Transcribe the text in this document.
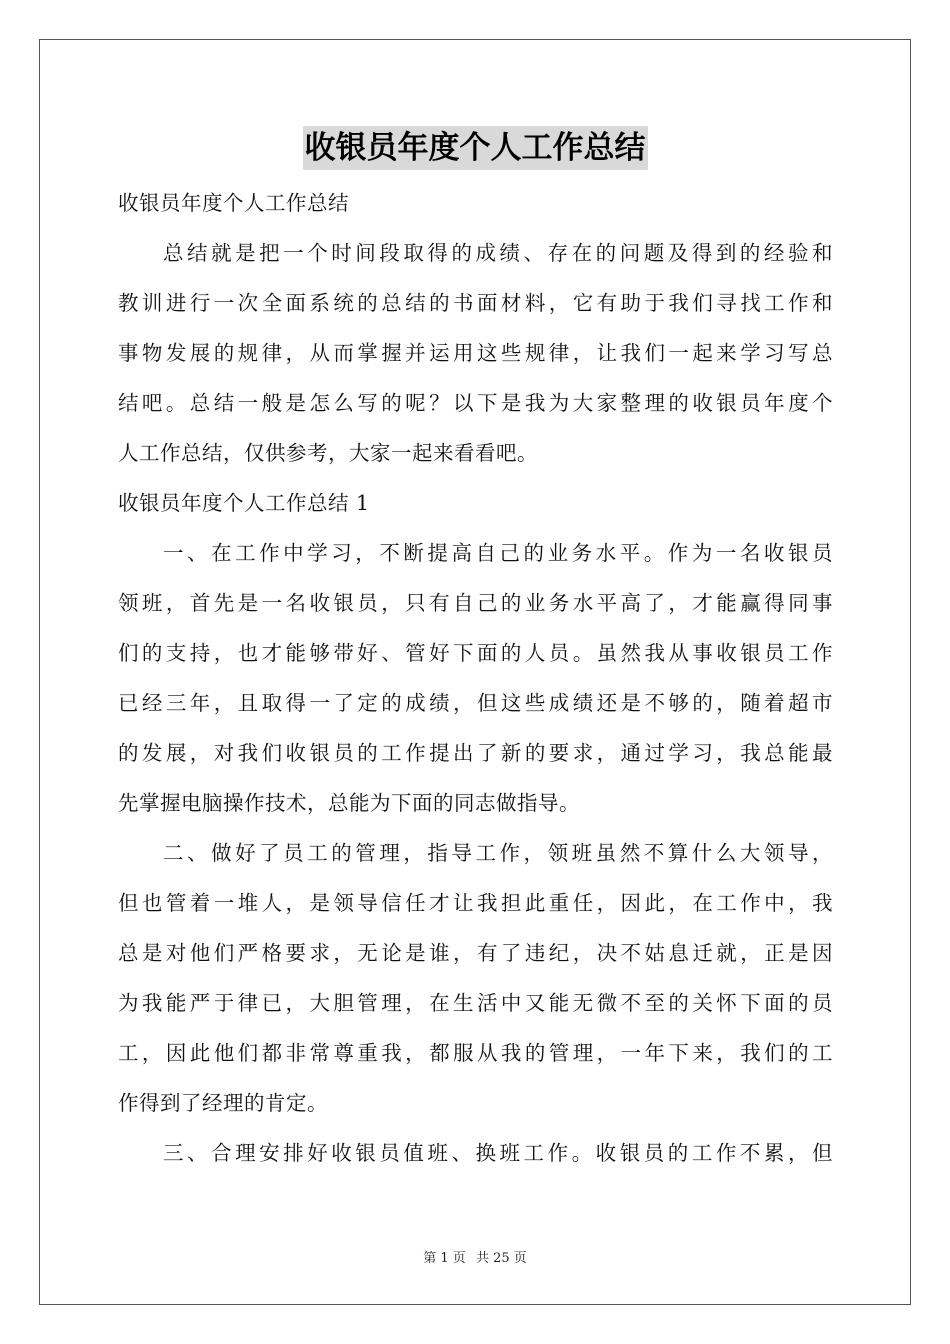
收银员年度个人工作总结
收银员年度个人工作总结
总结就是把一个时间段取得的成绩、存在的问题及得到的经验和
教训进行一次全面系统的总结的书面材料，它有助于我们寻找工作和
事物发展的规律，从而掌握并运用这些规律，让我们一起来学习写总
结吧。总结一般是怎么写的呢？以下是我为大家整理的收银员年度个
人工作总结，仅供参考，大家一起来看看吧。
收银员年度个人工作总结 1
一、在工作中学习，不断提高自己的业务水平。作为一名收银员
领班，首先是一名收银员，只有自己的业务水平高了，才能赢得同事
们的支持，也才能够带好、管好下面的人员。虽然我从事收银员工作
已经三年，且取得一了定的成绩，但这些成绩还是不够的，随着超市
的发展，对我们收银员的工作提出了新的要求，通过学习，我总能最
先掌握电脑操作技术，总能为下面的同志做指导。
二、做好了员工的管理，指导工作，领班虽然不算什么大领导，
但也管着一堆人，是领导信任才让我担此重任，因此，在工作中，我
总是对他们严格要求，无论是谁，有了违纪，决不姑息迁就，正是因
为我能严于律已，大胆管理，在生活中又能无微不至的关怀下面的员
工，因此他们都非常尊重我，都服从我的管理，一年下来，我们的工
作得到了经理的肯定。
三、合理安排好收银员值班、换班工作。收银员的工作不累，但
第 1 页 共 25 页
